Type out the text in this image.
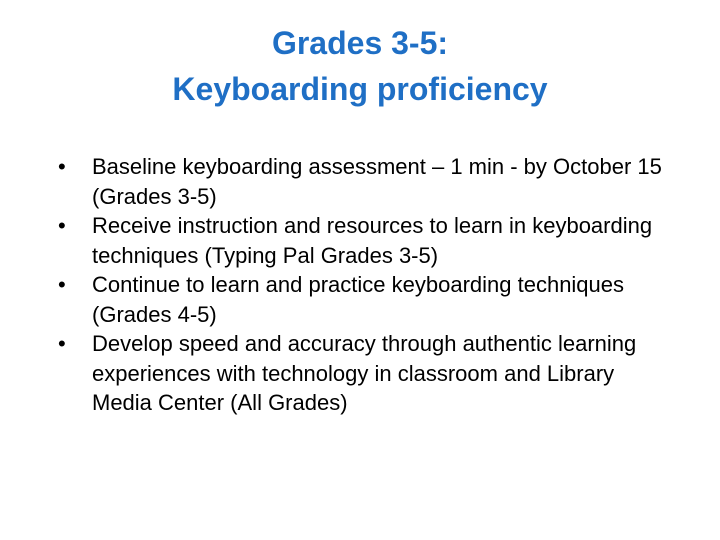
Grades 3-5:
Keyboarding proficiency
•	Baseline keyboarding assessment – 1 min - by October 15 (Grades 3-5)
•	Receive instruction and resources to learn in keyboarding techniques (Typing Pal Grades 3-5)
•	Continue to learn and practice keyboarding techniques (Grades 4-5)
•	Develop speed and accuracy through authentic learning experiences with technology in classroom and Library Media Center (All Grades)
